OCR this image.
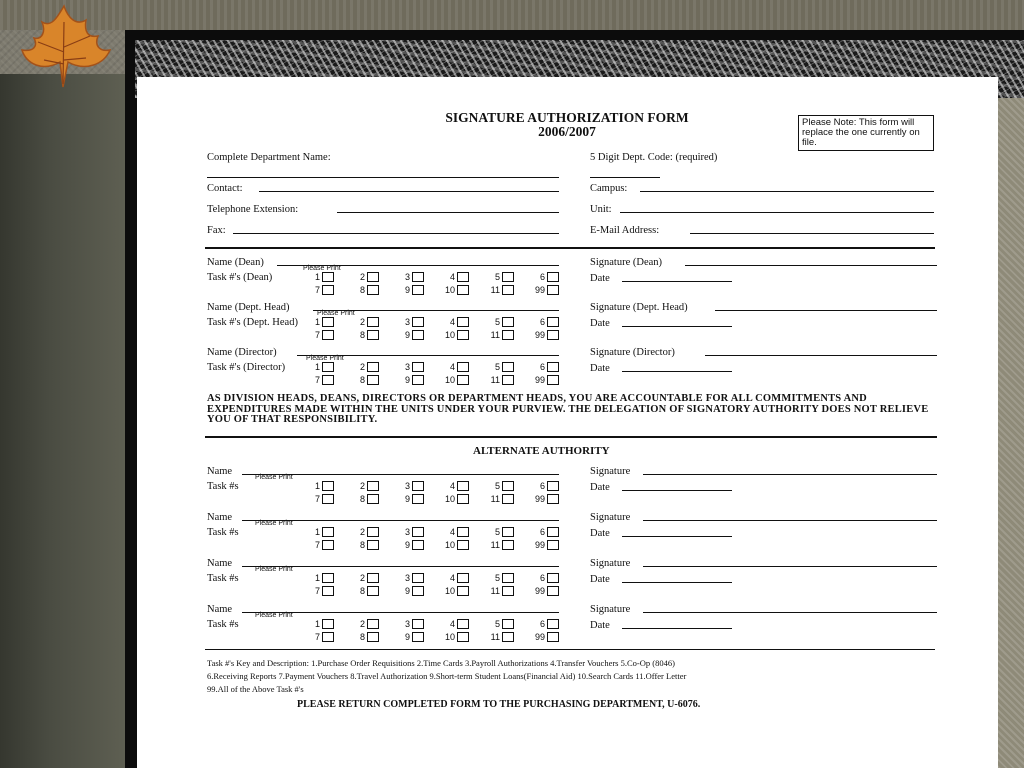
SIGNATURE AUTHORIZATION FORM
2006/2007
Please Note: This form will replace the one currently on file.
Complete Department Name:
Contact:
Telephone Extension:
Fax:
5 Digit Dept. Code: (required)
Campus:
Unit:
E-Mail Address:
AS DIVISION HEADS, DEANS, DIRECTORS OR DEPARTMENT HEADS, YOU ARE ACCOUNTABLE FOR ALL COMMITMENTS AND EXPENDITURES MADE WITHIN THE UNITS UNDER YOUR PURVIEW. THE DELEGATION OF SIGNATORY AUTHORITY DOES NOT RELIEVE YOU OF THAT RESPONSIBILITY.
ALTERNATE AUTHORITY
Task #'s Key and Description: 1.Purchase Order Requisitions 2.Time Cards 3.Payroll Authorizations 4.Transfer Vouchers 5.Co-Op (8046)
6.Receiving Reports 7.Payment Vouchers 8.Travel Authorization 9.Short-term Student Loans(Financial Aid) 10.Search Cards 11.Offer Letter
99.All of the Above Task #'s
PLEASE RETURN COMPLETED FORM TO THE PURCHASING DEPARTMENT, U-6076.
Name (Dean)
Please Print
Task #'s (Dean)	1	2	3	4	5	6
7	8	9	10	11	99
Signature (Dean)
Date
Name (Dept. Head)
Please Print
Task #'s (Dept. Head) 1	2	3	4	5	6
7	8	9	10	11	99
Signature (Dept. Head)
Date
Name (Director)
Please Print
Task #'s (Director)	1	2	3	4	5	6
7	8	9	10	11	99
Signature (Director)
Date
Name
Please Print
Task #s	1	2	3	4	5	6
7	8	9	10	11	99
Signature
Date
Name
Please Print
Task #s	1	2	3	4	5	6
7	8	9	10	11	99
Signature
Date
Name
Please Print
Task #s	1	2	3	4	5	6
7	8	9	10	11	99
Signature
Date
Name
Please Print
Task #s	1	2	3	4	5	6
7	8	9	10	11	99
Signature
Date
